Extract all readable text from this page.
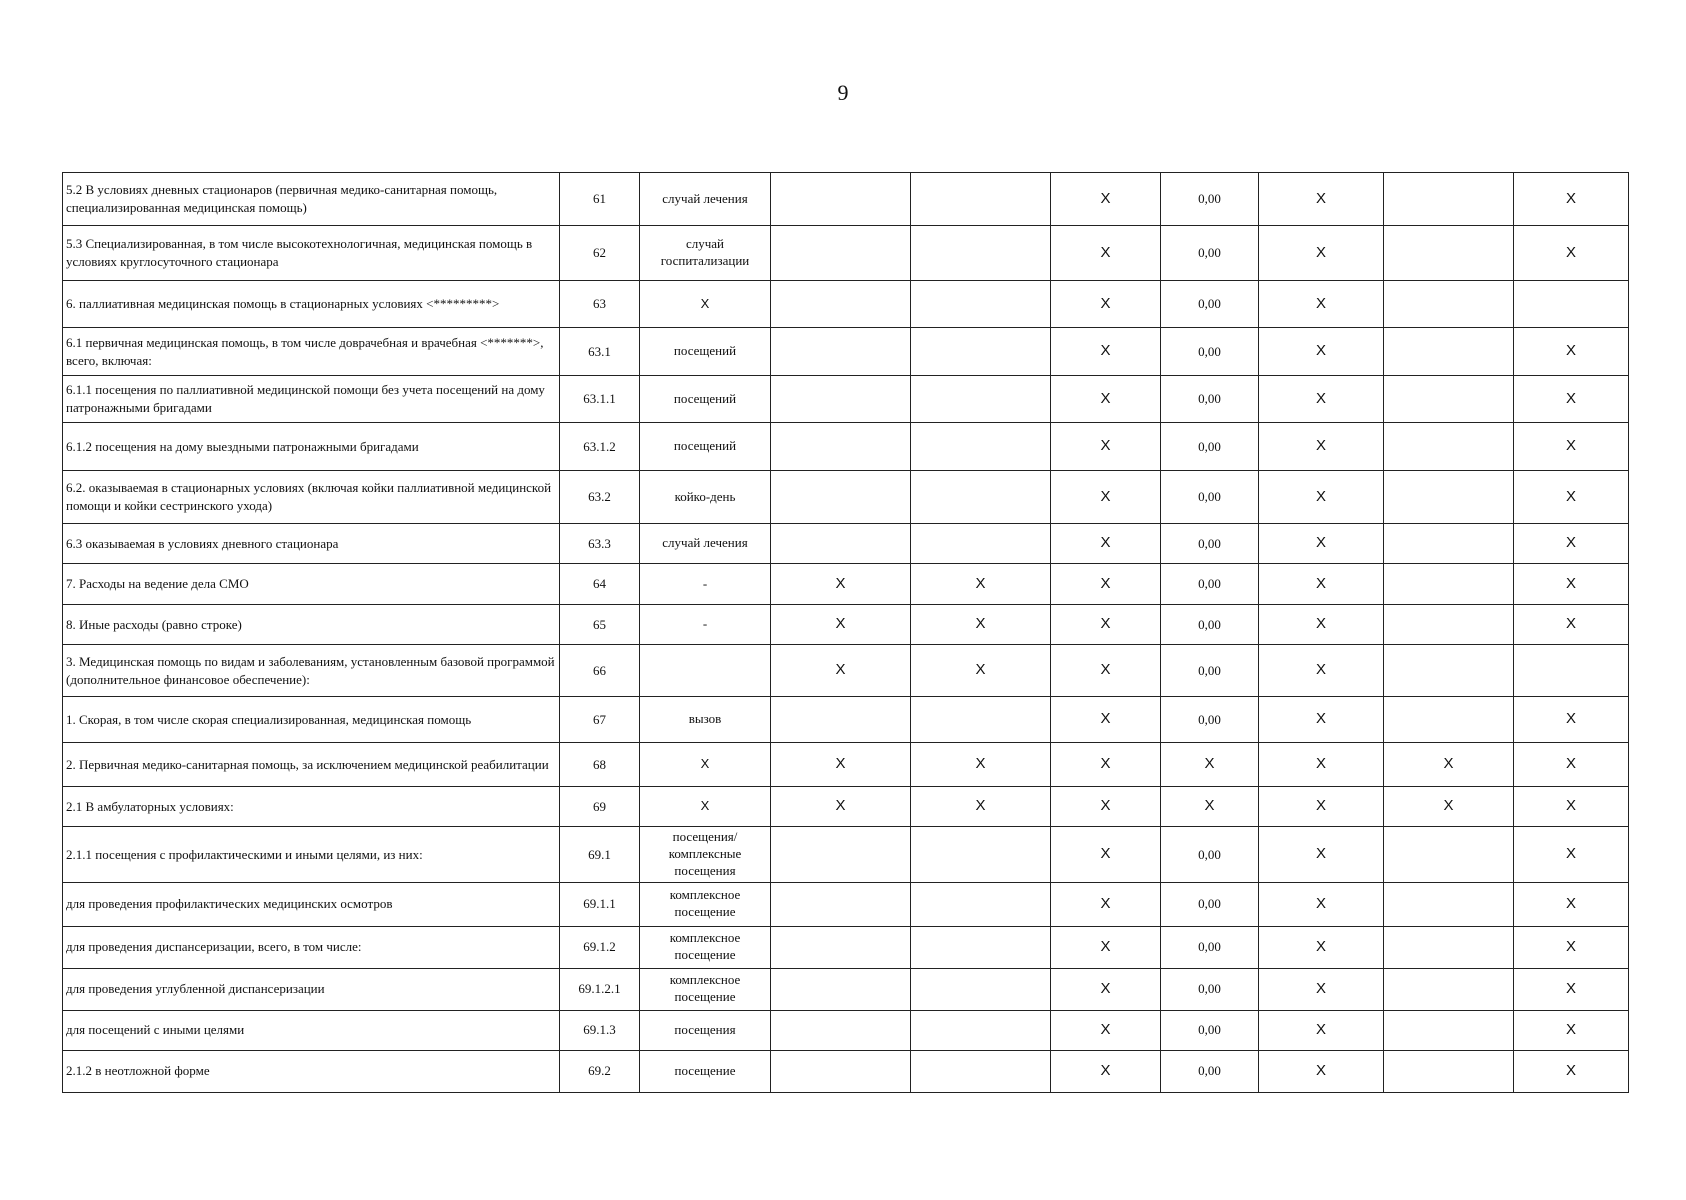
9
5.2 В условиях дневных стационаров (первичная медико-санитарная помощь, специализированная медицинская помощь)	61	случай лечения			X	0,00	X		X
5.3 Специализированная, в том числе высокотехнологичная, медицинская помощь в условиях круглосуточного стационара	62	случай госпитализации			X	0,00	X		X
6. паллиативная медицинская помощь в стационарных условиях <*********>	63	X			X	0,00	X		
6.1 первичная медицинская помощь, в том числе доврачебная и врачебная <*******>, всего, включая:	63.1	посещений			X	0,00	X		X
6.1.1 посещения по паллиативной медицинской помощи без учета посещений на дому патронажными бригадами	63.1.1	посещений			X	0,00	X		X
6.1.2 посещения на дому выездными патронажными бригадами	63.1.2	посещений			X	0,00	X		X
6.2. оказываемая в стационарных условиях (включая койки паллиативной медицинской помощи и койки сестринского ухода)	63.2	койко-день			X	0,00	X		X
6.3 оказываемая в условиях дневного стационара	63.3	случай лечения			X	0,00	X		X
7. Расходы на ведение дела СМО	64	-	X	X	X	0,00	X		X
8. Иные расходы (равно строке)	65	-	X	X	X	0,00	X		X
3. Медицинская помощь по видам и заболеваниям, установленным базовой программой (дополнительное финансовое обеспечение):	66		X	X	X	0,00	X		
1. Скорая, в том числе скорая специализированная, медицинская помощь	67	вызов			X	0,00	X		X
2. Первичная медико-санитарная помощь, за исключением медицинской реабилитации	68	X	X	X	X	X	X	X	X
2.1 В амбулаторных условиях:	69	X	X	X	X	X	X	X	X
2.1.1 посещения с профилактическими и иными целями, из них:	69.1	посещения/ комплексные посещения			X	0,00	X		X
для проведения профилактических медицинских осмотров	69.1.1	комплексное посещение			X	0,00	X		X
для проведения диспансеризации, всего, в том числе:	69.1.2	комплексное посещение			X	0,00	X		X
для проведения углубленной диспансеризации	69.1.2.1	комплексное посещение			X	0,00	X		X
для посещений с иными целями	69.1.3	посещения			X	0,00	X		X
2.1.2 в неотложной форме	69.2	посещение			X	0,00	X		X
